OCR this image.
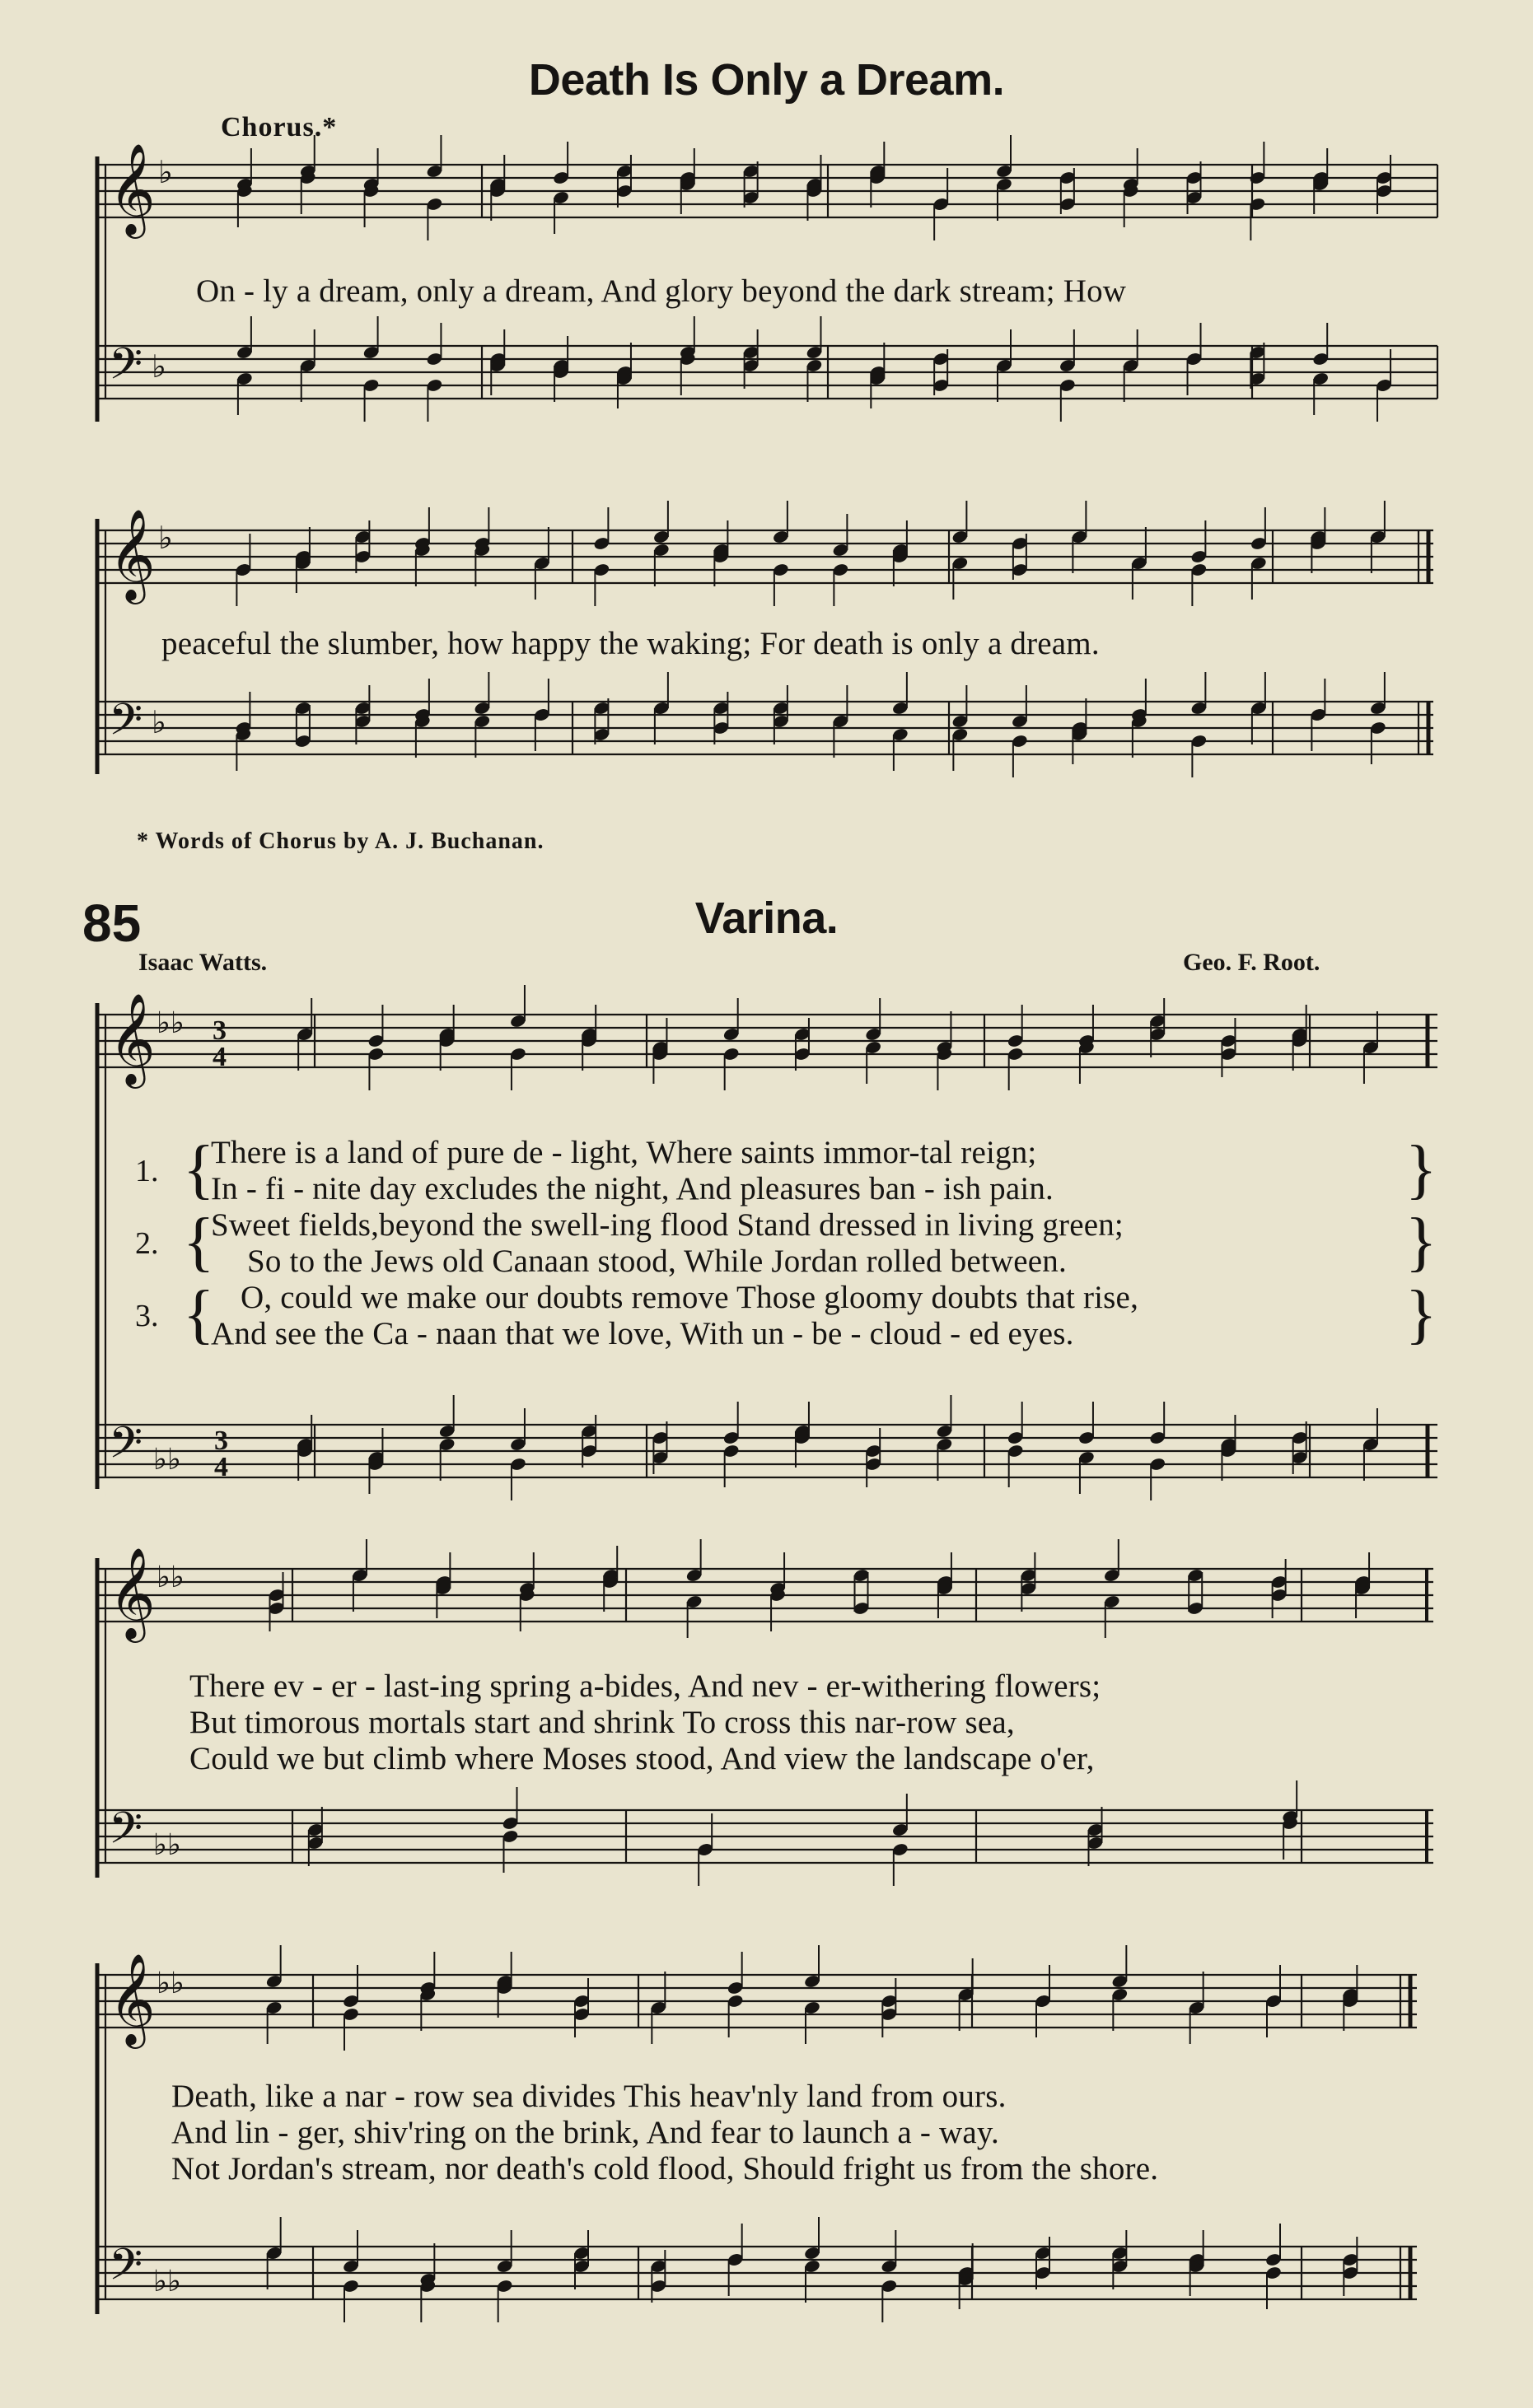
Death Is Only a Dream.
Chorus.*
𝄞
𝄢
𝄞
𝄢
𝄞
𝄢
𝄞
𝄢
𝄞
𝄢
♭
♭
♭
♭
♭♭
♭♭
♭♭
♭♭
♭♭
♭♭
3
4
3
4
On - ly a dream, only a dream, And glory beyond the dark stream; How
peaceful the slumber, how happy the waking; For death is only a dream.
* Words of Chorus by A. J. Buchanan.
85	Varina.
Isaac Watts.	Geo. F. Root.
1.
2.
3.
{
{
{
}
}
}
There is a land of pure de - light, Where saints immor-tal reign;
In - fi - nite day excludes the night, And pleasures ban - ish pain.
Sweet fields,beyond the swell-ing flood Stand dressed in living green;
So to the Jews old Canaan stood, While Jordan rolled between.
O, could we make our doubts remove Those gloomy doubts that rise,
And see the Ca - naan that we love, With un - be - cloud - ed eyes.
There ev - er - last-ing spring a-bides, And nev - er-withering flowers;
But timorous mortals start and shrink To cross this nar-row sea,
Could we but climb where Moses stood, And view the landscape o'er,
Death, like a nar - row sea divides This heav'nly land from ours.
And lin - ger, shiv'ring on the brink, And fear to launch a - way.
Not Jordan's stream, nor death's cold flood, Should fright us from the shore.
